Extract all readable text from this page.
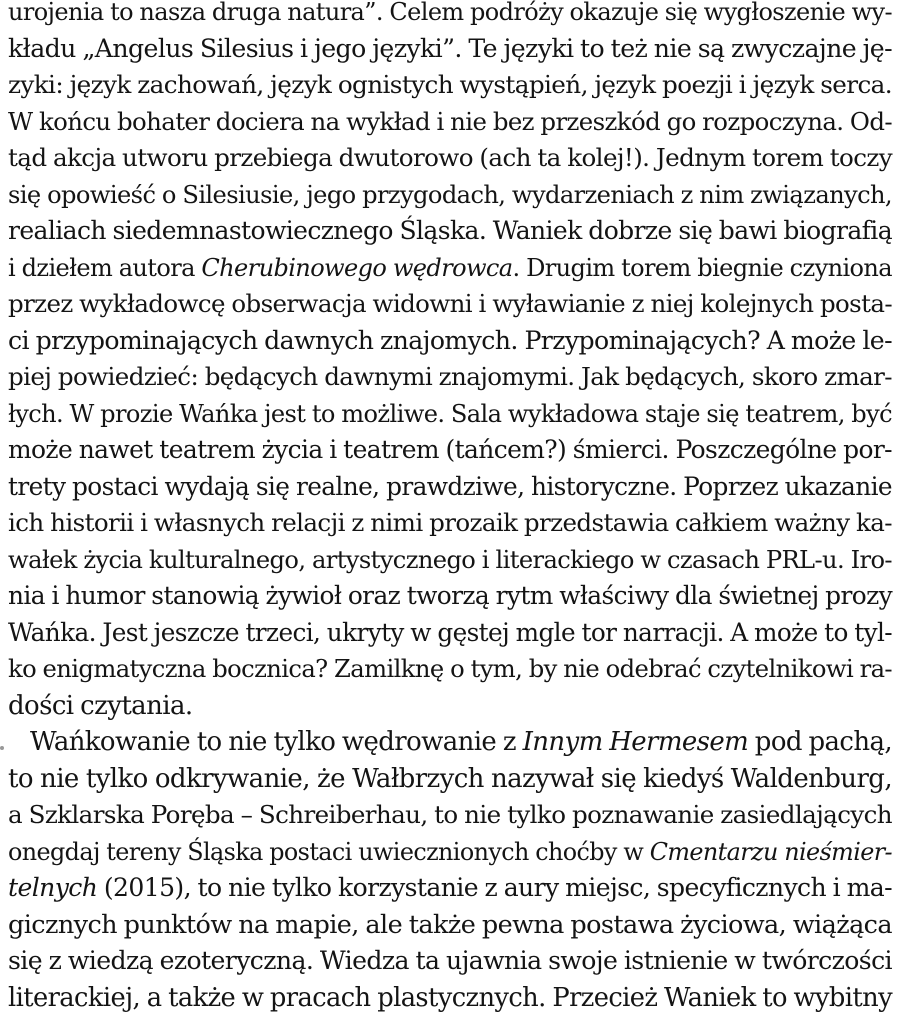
urojenia to nasza druga natura”. Celem podróży okazuje się wygłoszenie wy-
kładu „Angelus Silesius i jego języki”. Te języki to też nie są zwyczajne ję-
zyki: język zachowań, język ognistych wystąpień, język poezji i język serca.
W końcu bohater dociera na wykład i nie bez przeszkód go rozpoczyna. Od-
tąd akcja utworu przebiega dwutorowo (ach ta kolej!). Jednym torem toczy
się opowieść o Silesiusie, jego przygodach, wydarzeniach z nim związanych,
realiach siedemnastowiecznego Śląska. Waniek dobrze się bawi biografią
i dziełem autora Cherubinowego wędrowca. Drugim torem biegnie czyniona
przez wykładowcę obserwacja widowni i wyławianie z niej kolejnych posta-
ci przypominających dawnych znajomych. Przypominających? A może le-
piej powiedzieć: będących dawnymi znajomymi. Jak będących, skoro zmar-
łych. W prozie Wańka jest to możliwe. Sala wykładowa staje się teatrem, być
może nawet teatrem życia i teatrem (tańcem?) śmierci. Poszczególne por-
trety postaci wydają się realne, prawdziwe, historyczne. Poprzez ukazanie
ich historii i własnych relacji z nimi prozaik przedstawia całkiem ważny ka-
wałek życia kulturalnego, artystycznego i literackiego w czasach PRL-u. Iro-
nia i humor stanowią żywioł oraz tworzą rytm właściwy dla świetnej prozy
Wańka. Jest jeszcze trzeci, ukryty w gęstej mgle tor narracji. A może to tyl-
ko enigmatyczna bocznica? Zamilknę o tym, by nie odebrać czytelnikowi ra-
dości czytania.
Wańkowanie to nie tylko wędrowanie z Innym Hermesem pod pachą,
to nie tylko odkrywanie, że Wałbrzych nazywał się kiedyś Waldenburg,
a Szklarska Poręba – Schreiberhau, to nie tylko poznawanie zasiedlających
onegdaj tereny Śląska postaci uwiecznionych choćby w Cmentarzu nieśmier-
telnych (2015), to nie tylko korzystanie z aury miejsc, specyficznych i ma-
gicznych punktów na mapie, ale także pewna postawa życiowa, wiążąca
się z wiedzą ezoteryczną. Wiedza ta ujawnia swoje istnienie w twórczości
literackiej, a także w pracach plastycznych. Przecież Waniek to wybitny
